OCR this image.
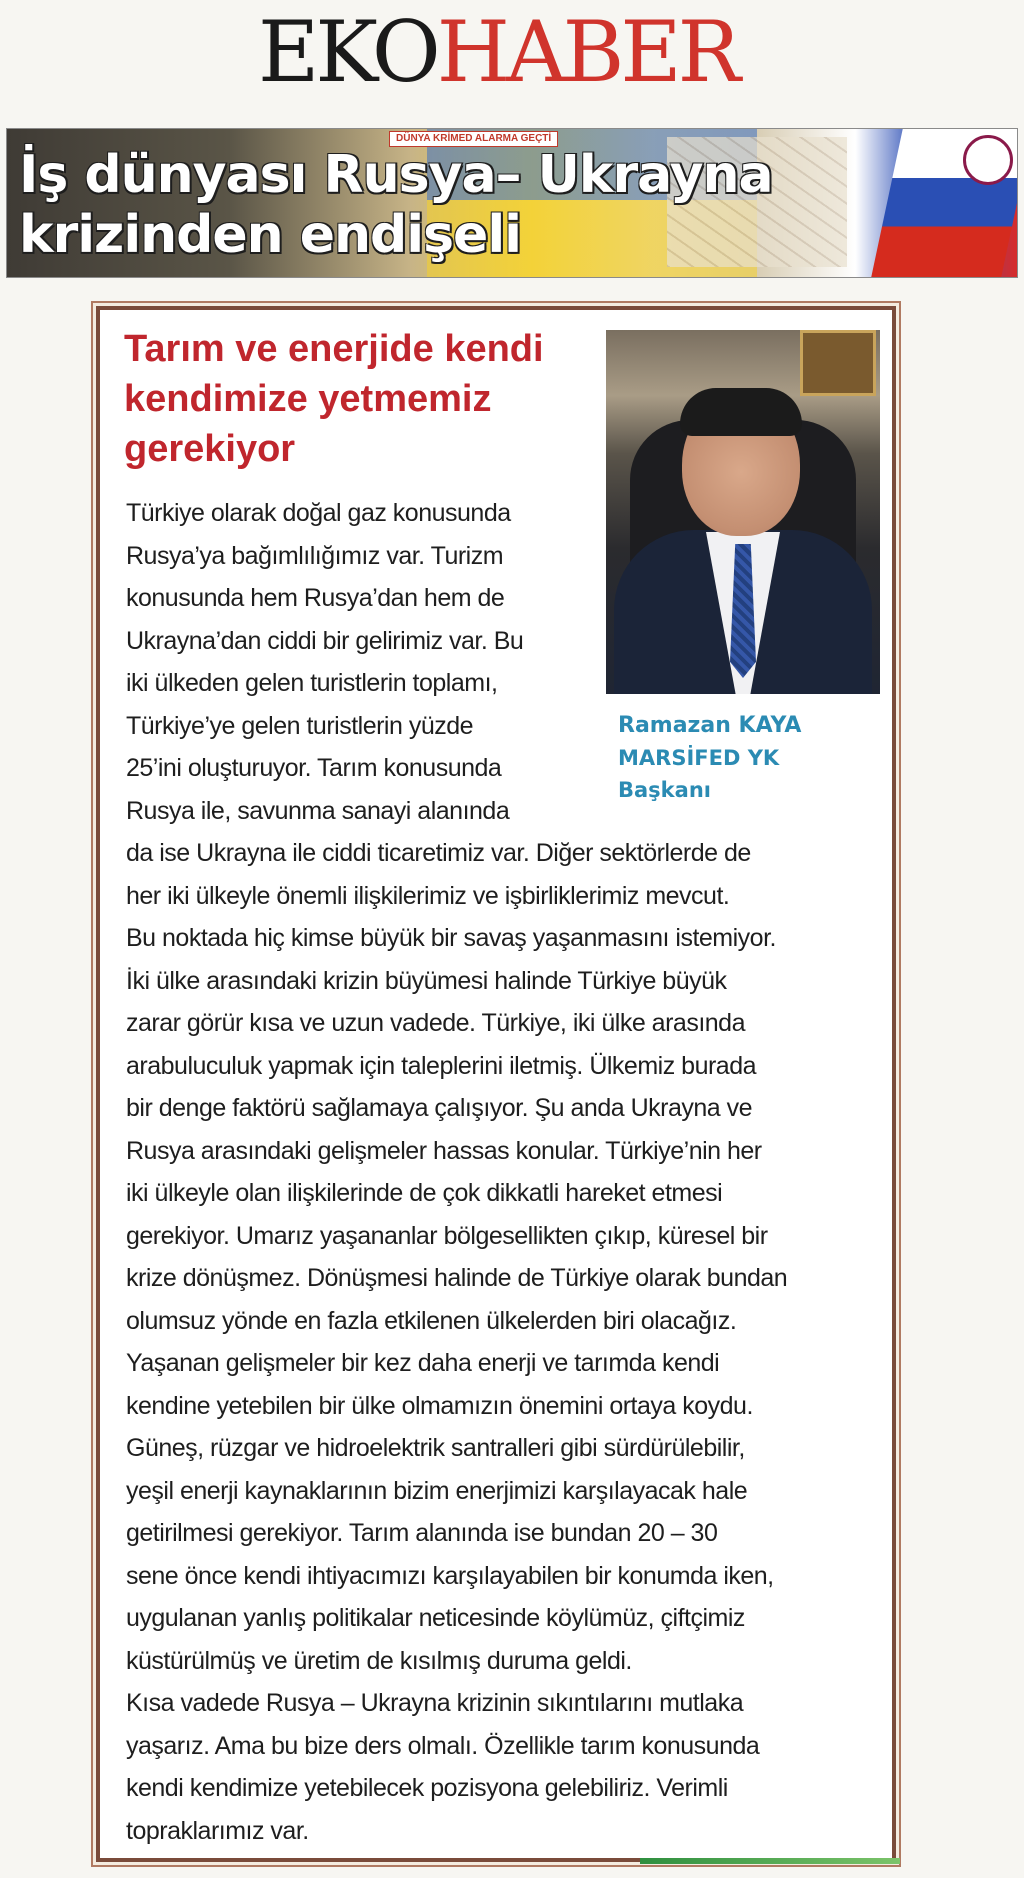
EKOHABER
DÜNYA KRİMED ALARMA GEÇTİ
İş dünyası Rusya– Ukrayna
krizinden endişeli
Tarım ve enerjide kendi kendimize yetmemiz gerekiyor
Ramazan KAYA
MARSİFED YK
Başkanı
Türkiye olarak doğal gaz konusunda
Rusya’ya bağımlılığımız var. Turizm
konusunda hem Rusya’dan hem de
Ukrayna’dan ciddi bir gelirimiz var. Bu
iki ülkeden gelen turistlerin toplamı,
Türkiye’ye gelen turistlerin yüzde
25’ini oluşturuyor. Tarım konusunda
Rusya ile, savunma sanayi alanında
da ise Ukrayna ile ciddi ticaretimiz var. Diğer sektörlerde de
her iki ülkeyle önemli ilişkilerimiz ve işbirliklerimiz mevcut.
Bu noktada hiç kimse büyük bir savaş yaşanmasını istemiyor.
İki ülke arasındaki krizin büyümesi halinde Türkiye büyük
zarar görür kısa ve uzun vadede. Türkiye, iki ülke arasında
arabuluculuk yapmak için taleplerini iletmiş. Ülkemiz burada
bir denge faktörü sağlamaya çalışıyor. Şu anda Ukrayna ve
Rusya arasındaki gelişmeler hassas konular. Türkiye’nin her
iki ülkeyle olan ilişkilerinde de çok dikkatli hareket etmesi
gerekiyor. Umarız yaşananlar bölgesellikten çıkıp, küresel bir
krize dönüşmez. Dönüşmesi halinde de Türkiye olarak bundan
olumsuz yönde en fazla etkilenen ülkelerden biri olacağız.
Yaşanan gelişmeler bir kez daha enerji ve tarımda kendi
kendine yetebilen bir ülke olmamızın önemini ortaya koydu.
Güneş, rüzgar ve hidroelektrik santralleri gibi sürdürülebilir,
yeşil enerji kaynaklarının bizim enerjimizi karşılayacak hale
getirilmesi gerekiyor. Tarım alanında ise bundan 20 – 30
sene önce kendi ihtiyacımızı karşılayabilen bir konumda iken,
uygulanan yanlış politikalar neticesinde köylümüz, çiftçimiz
küstürülmüş ve üretim de kısılmış duruma geldi.
Kısa vadede Rusya – Ukrayna krizinin sıkıntılarını mutlaka
yaşarız. Ama bu bize ders olmalı. Özellikle tarım konusunda
kendi kendimize yetebilecek pozisyona gelebiliriz. Verimli
topraklarımız var.
